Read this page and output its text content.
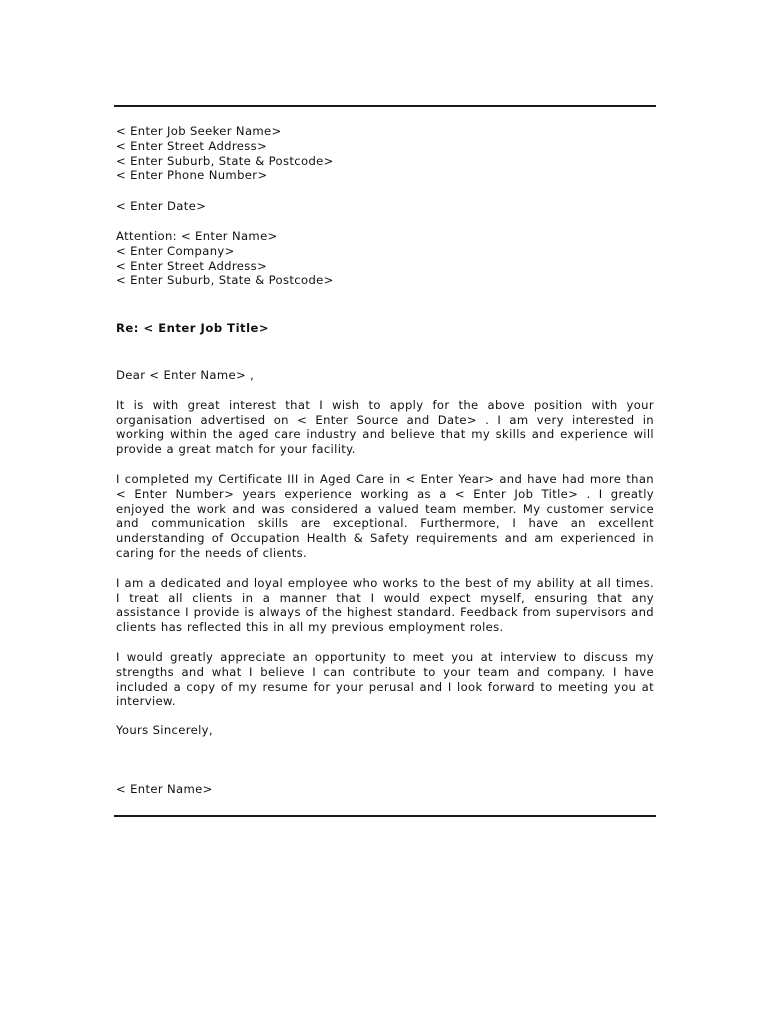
< Enter Job Seeker Name>
< Enter Street Address>
< Enter Suburb, State & Postcode>
< Enter Phone Number>
< Enter Date>
Attention: < Enter Name>
< Enter Company>
< Enter Street Address>
< Enter Suburb, State & Postcode>
Re: < Enter Job Title>
Dear < Enter Name> ,

It is with great interest that I wish to apply for the above position with your organisation advertised on < Enter Source and Date> . I am very interested in working within the aged care industry and believe that my skills and experience will provide a great match for your facility.

I completed my Certificate III in Aged Care in < Enter Year> and have had more than < Enter Number> years experience working as a < Enter Job Title> . I greatly enjoyed the work and was considered a valued team member. My customer service and communication skills are exceptional. Furthermore, I have an excellent understanding of Occupation Health & Safety requirements and am experienced in caring for the needs of clients.

I am a dedicated and loyal employee who works to the best of my ability at all times. I treat all clients in a manner that I would expect myself, ensuring that any assistance I provide is always of the highest standard. Feedback from supervisors and clients has reflected this in all my previous employment roles.

I would greatly appreciate an opportunity to meet you at interview to discuss my strengths and what I believe I can contribute to your team and company. I have included a copy of my resume for your perusal and I look forward to meeting you at interview.

Yours Sincerely,
< Enter Name>
